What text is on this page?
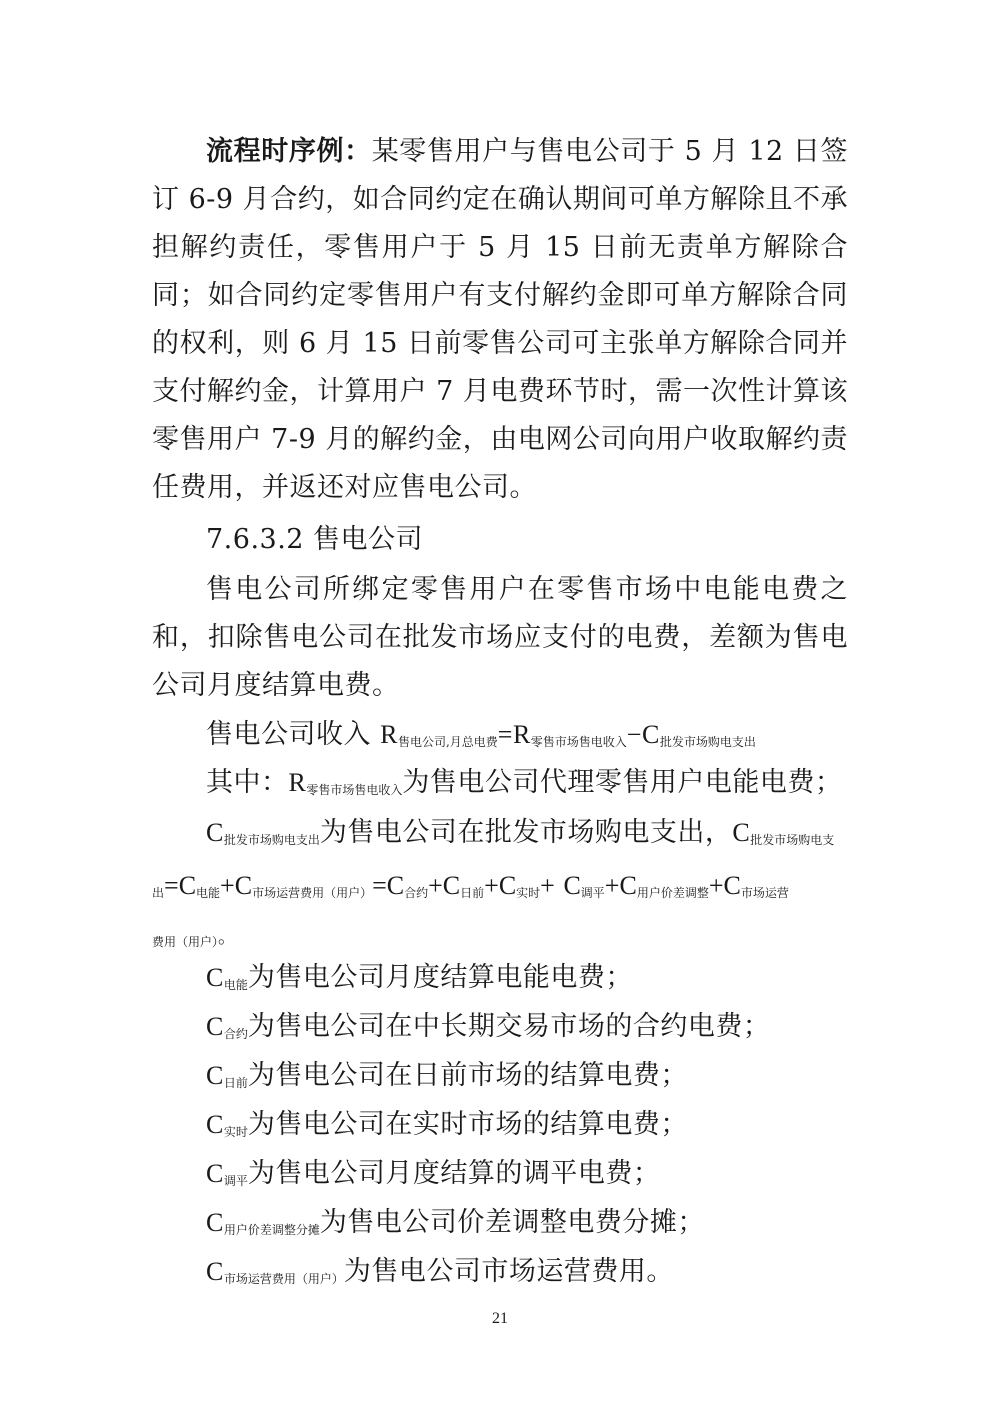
流程时序例：某零售用户与售电公司于 5 月 12 日签订 6-9 月合约，如合同约定在确认期间可单方解除且不承担解约责任，零售用户于 5 月 15 日前无责单方解除合同；如合同约定零售用户有支付解约金即可单方解除合同的权利，则 6 月 15 日前零售公司可主张单方解除合同并支付解约金，计算用户 7 月电费环节时，需一次性计算该零售用户 7-9 月的解约金，由电网公司向用户收取解约责任费用，并返还对应售电公司。
7.6.3.2 售电公司
售电公司所绑定零售用户在零售市场中电能电费之和，扣除售电公司在批发市场应支付的电费，差额为售电公司月度结算电费。
售电公司收入 $R_{售电公司,月总电费}=R_{零售市场售电收入}-C_{批发市场购电支出}$
其中：$R_{零售市场售电收入}$为售电公司代理零售用户电能电费；
$C_{批发市场购电支出}$为售电公司在批发市场购电支出，$C_{批发市场购电支}$
$_出=C_{电能}+C_{市场运营费用(用户)}=C_{合约}+C_{日前}+C_{实时}+ C_{调平}+C_{用户价差调整}+C_{市场运营}$
$_{费用(用户)}$。
$C_{电能}$为售电公司月度结算电能电费；
$C_{合约}$为售电公司在中长期交易市场的合约电费；
$C_{日前}$为售电公司在日前市场的结算电费；
$C_{实时}$为售电公司在实时市场的结算电费；
$C_{调平}$为售电公司月度结算的调平电费；
$C_{用户价差调整分摊}$为售电公司价差调整电费分摊；
$C_{市场运营费用(用户)}$为售电公司市场运营费用。
21
